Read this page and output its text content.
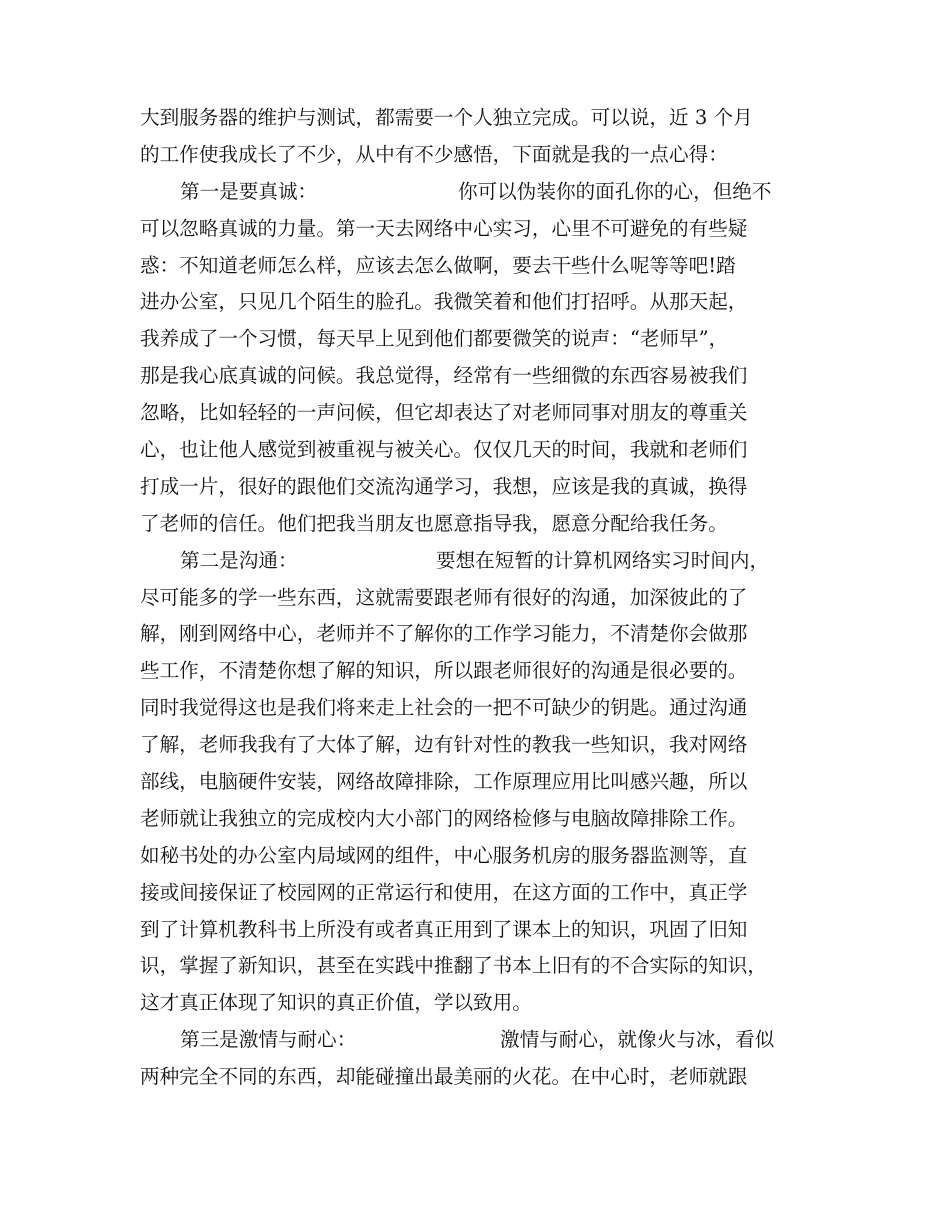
大到服务器的维护与测试，都需要一个人独立完成。可以说，近 3 个月
的工作使我成长了不少，从中有不少感悟，下面就是我的一点心得：
第一是要真诚：	你可以伪装你的面孔你的心，但绝不
可以忽略真诚的力量。第一天去网络中心实习，心里不可避免的有些疑
惑：不知道老师怎么样，应该去怎么做啊，要去干些什么呢等等吧!踏
进办公室，只见几个陌生的脸孔。我微笑着和他们打招呼。从那天起，
我养成了一个习惯，每天早上见到他们都要微笑的说声：“老师早”，
那是我心底真诚的问候。我总觉得，经常有一些细微的东西容易被我们
忽略，比如轻轻的一声问候，但它却表达了对老师同事对朋友的尊重关
心，也让他人感觉到被重视与被关心。仅仅几天的时间，我就和老师们
打成一片，很好的跟他们交流沟通学习，我想，应该是我的真诚，换得
了老师的信任。他们把我当朋友也愿意指导我，愿意分配给我任务。
第二是沟通：	要想在短暂的计算机网络实习时间内，
尽可能多的学一些东西，这就需要跟老师有很好的沟通，加深彼此的了
解，刚到网络中心，老师并不了解你的工作学习能力，不清楚你会做那
些工作，不清楚你想了解的知识，所以跟老师很好的沟通是很必要的。
同时我觉得这也是我们将来走上社会的一把不可缺少的钥匙。通过沟通
了解，老师我我有了大体了解，边有针对性的教我一些知识，我对网络
部线，电脑硬件安装，网络故障排除，工作原理应用比叫感兴趣，所以
老师就让我独立的完成校内大小部门的网络检修与电脑故障排除工作。
如秘书处的办公室内局域网的组件，中心服务机房的服务器监测等，直
接或间接保证了校园网的正常运行和使用，在这方面的工作中，真正学
到了计算机教科书上所没有或者真正用到了课本上的知识，巩固了旧知
识，掌握了新知识，甚至在实践中推翻了书本上旧有的不合实际的知识，
这才真正体现了知识的真正价值，学以致用。
第三是激情与耐心：	激情与耐心，就像火与冰，看似
两种完全不同的东西，却能碰撞出最美丽的火花。在中心时，老师就跟
